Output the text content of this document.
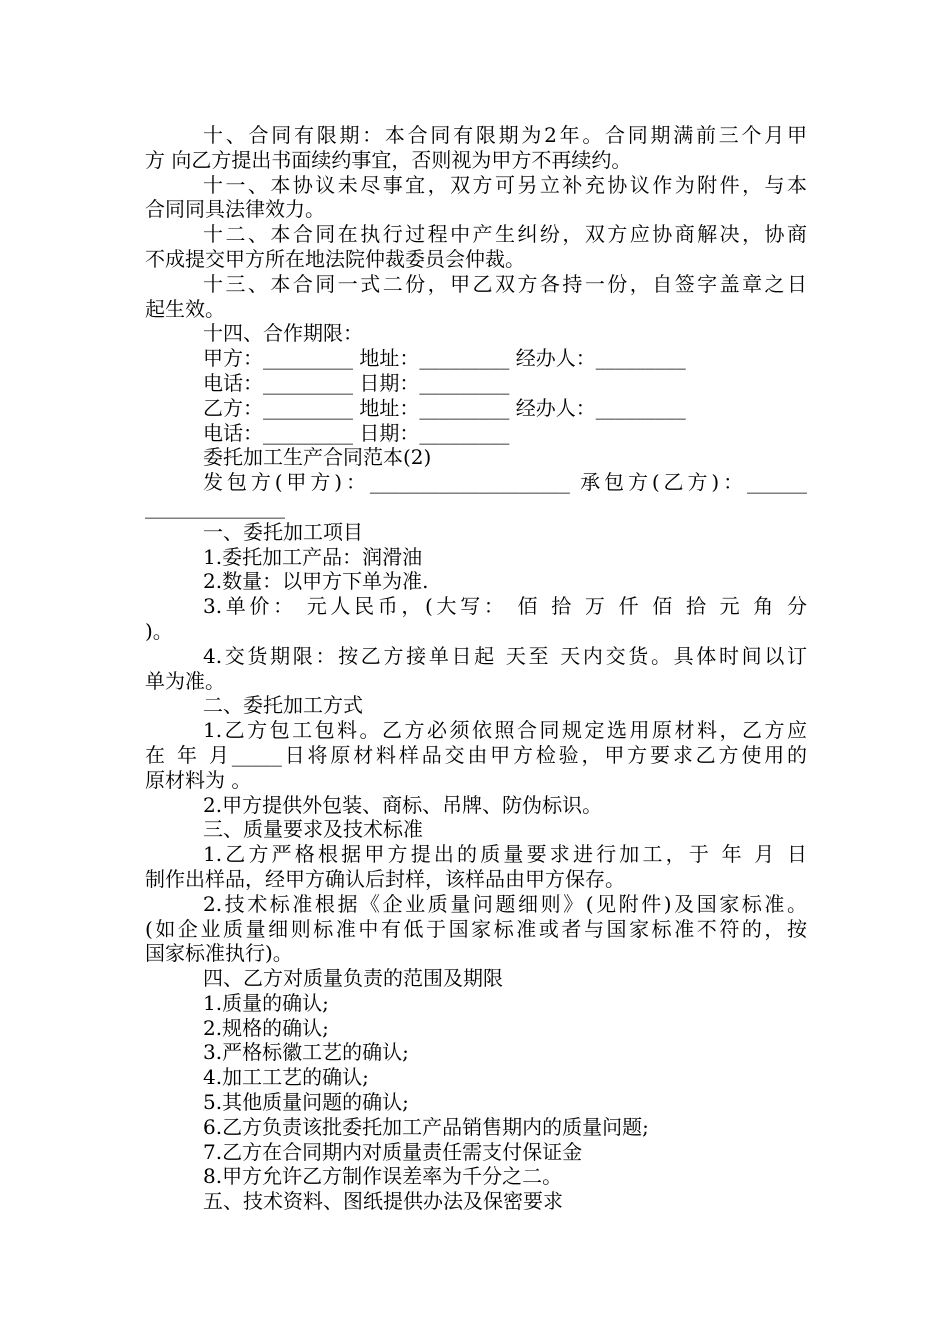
十、合同有限期：本合同有限期为2年。合同期满前三个月甲
方 向乙方提出书面续约事宜，否则视为甲方不再续约。
十一、本协议未尽事宜，双方可另立补充协议作为附件，与本
合同同具法律效力。
十二、本合同在执行过程中产生纠纷，双方应协商解决，协商
不成提交甲方所在地法院仲裁委员会仲裁。
十三、本合同一式二份，甲乙双方各持一份，自签字盖章之日
起生效。
十四、合作期限：
甲方：_________ 地址：_________ 经办人：_________
电话：_________ 日期：_________
乙方：_________ 地址：_________ 经办人：_________
电话：_________ 日期：_________
委托加工生产合同范本(2)
发包方(甲方)：____________________ 承包方(乙方)：______
______________
一、委托加工项目
1.委托加工产品：润滑油
2.数量：以甲方下单为准.
3.单价： 元人民币，(大写： 佰 拾 万 仟 佰 拾 元 角 分
)。
4.交货期限：按乙方接单日起 天至 天内交货。具体时间以订
单为准。
二、委托加工方式
1.乙方包工包料。乙方必须依照合同规定选用原材料，乙方应
在 年 月_____日将原材料样品交由甲方检验，甲方要求乙方使用的
原材料为 。
2.甲方提供外包装、商标、吊牌、防伪标识。
三、质量要求及技术标准
1.乙方严格根据甲方提出的质量要求进行加工，于 年 月 日
制作出样品，经甲方确认后封样，该样品由甲方保存。
2.技术标准根据《企业质量问题细则》(见附件)及国家标准。
(如企业质量细则标准中有低于国家标准或者与国家标准不符的，按
国家标准执行)。
四、乙方对质量负责的范围及期限
1.质量的确认;
2.规格的确认;
3.严格标徽工艺的确认;
4.加工工艺的确认;
5.其他质量问题的确认;
6.乙方负责该批委托加工产品销售期内的质量问题;
7.乙方在合同期内对质量责任需支付保证金
8.甲方允许乙方制作误差率为千分之二。
五、技术资料、图纸提供办法及保密要求
